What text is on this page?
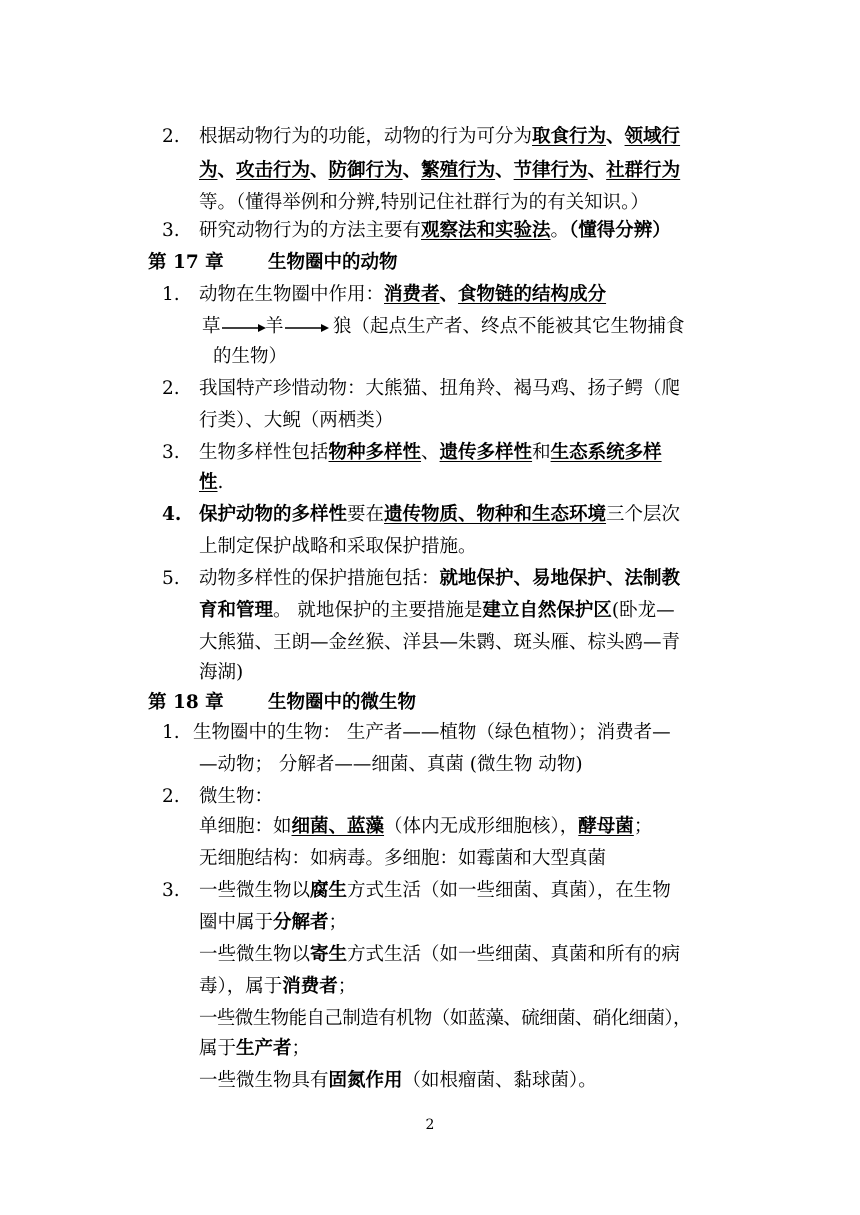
2.	根据动物行为的功能，动物的行为可分为取食行为、领域行
为、攻击行为、防御行为、繁殖行为、节律行为、社群行为
等。（懂得举例和分辨,特别记住社群行为的有关知识。）
3.	研究动物行为的方法主要有观察法和实验法。（懂得分辨）
第 17 章 生物圈中的动物
1.	动物在生物圈中作用：消费者、食物链的结构成分
草 羊	狼（起点生产者、终点不能被其它生物捕食
的生物）
2.	我国特产珍惜动物：大熊猫、扭角羚、褐马鸡、扬子鳄（爬
行类）、大鲵（两栖类）
3.	生物多样性包括物种多样性、遗传多样性和生态系统多样
性.
4. 保护动物的多样性要在遗传物质、物种和生态环境三个层次
上制定保护战略和采取保护措施。
5.	动物多样性的保护措施包括：就地保护、易地保护、法制教
育和管理。 就地保护的主要措施是建立自然保护区(卧龙—
大熊猫、王朗—金丝猴、洋县—朱鹮、斑头雁、棕头鸥—青
海湖)
第 18 章 生物圈中的微生物
1. 生物圈中的生物： 生产者——植物（绿色植物）；消费者—
—动物； 分解者——细菌、真菌 (微生物 动物)
2.	微生物：
单细胞：如细菌、蓝藻（体内无成形细胞核），酵母菌；
无细胞结构：如病毒。多细胞：如霉菌和大型真菌
3.	一些微生物以腐生方式生活（如一些细菌、真菌），在生物
圈中属于分解者；
一些微生物以寄生方式生活（如一些细菌、真菌和所有的病
毒），属于消费者；
一些微生物能自己制造有机物（如蓝藻、硫细菌、硝化细菌），
属于生产者；
一些微生物具有固氮作用（如根瘤菌、黏球菌）。
2
